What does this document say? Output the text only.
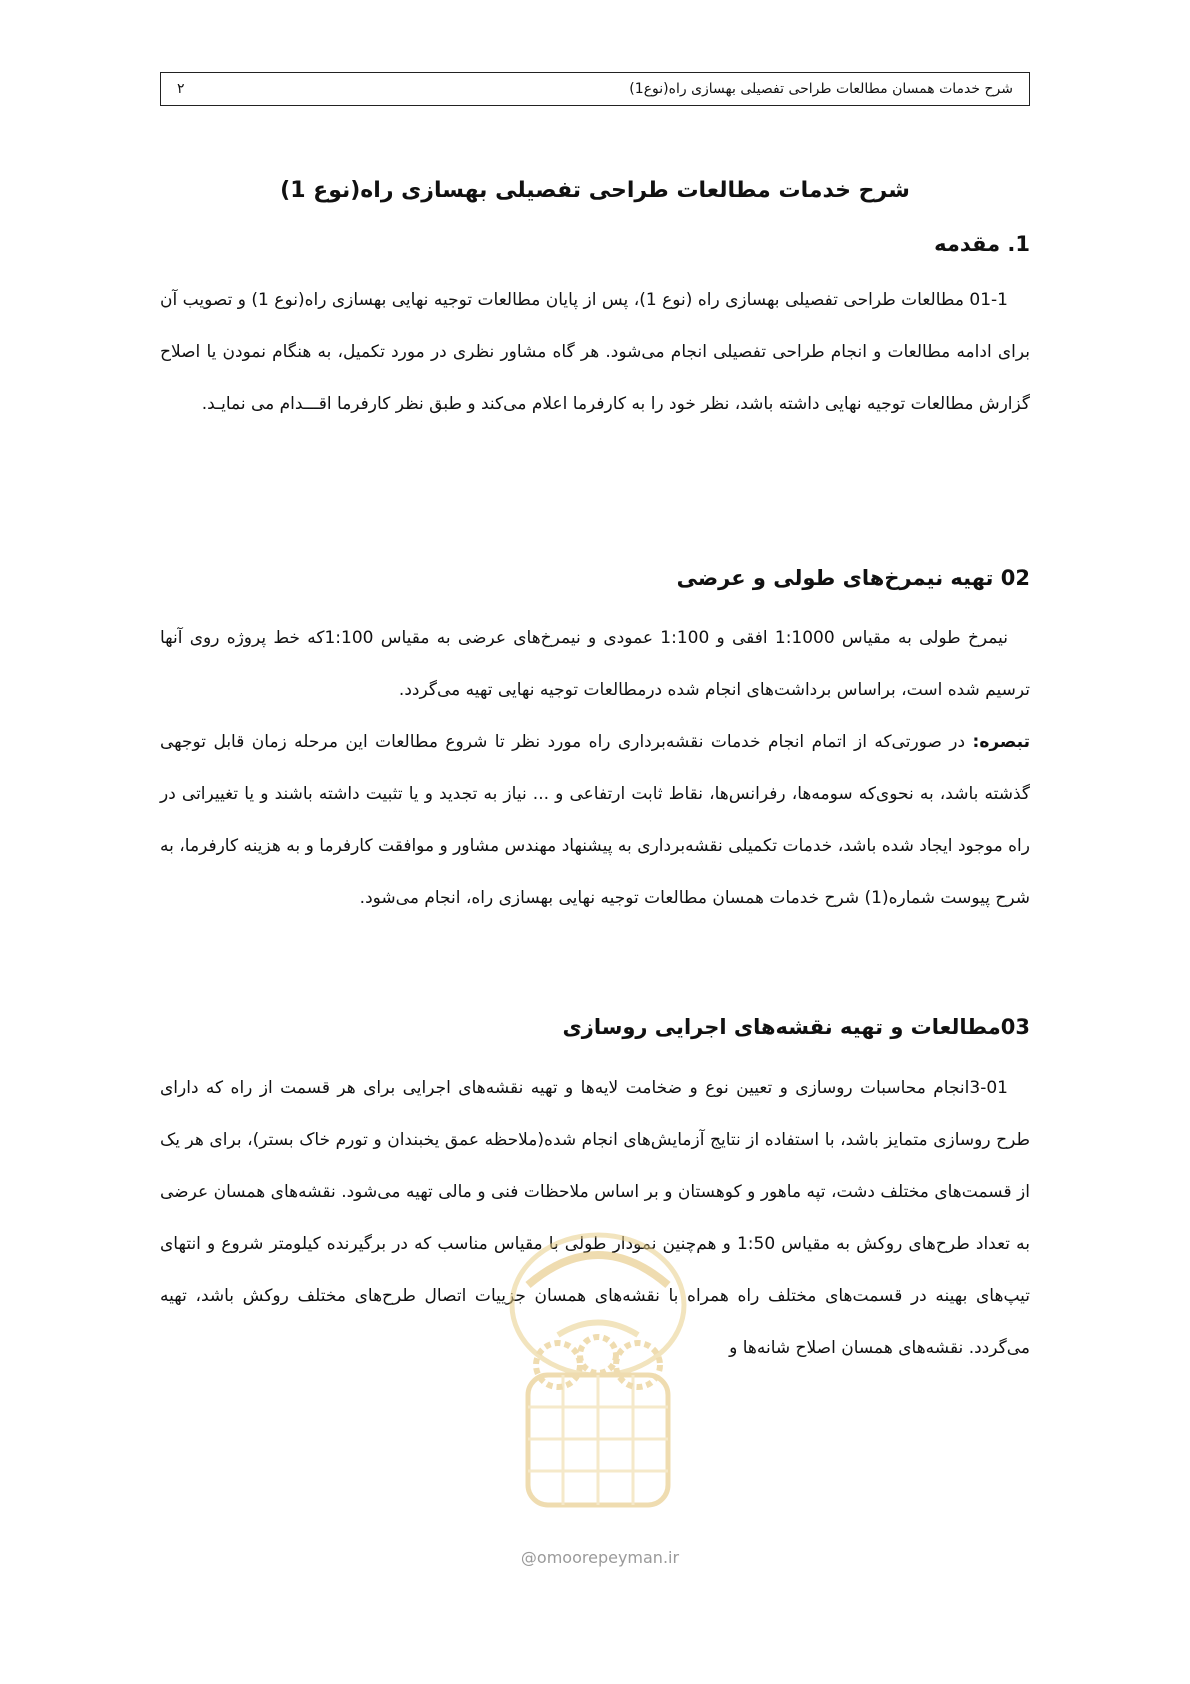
شرح خدمات همسان مطالعات طراحی تفصیلی بهسازی راه(نوع1)
۲
شرح خدمات مطالعات طراحی تفصیلی بهسازی راه(نوع 1)
1. مقدمه

01-1 مطالعات طراحی تفصیلی بهسازی راه (نوع 1)، پس از پایان مطالعات توجیه نهایی بهسازی راه(نوع 1) و تصویب آن برای ادامه مطالعات و انجام طراحی تفصیلی انجام می‌شود. هر گاه مشاور نظری در مورد تکمیل، به هنگام نمودن یا اصلاح گزارش مطالعات توجیه نهایی داشته باشد، نظر خود را به کارفرما اعلام می‌کند و طبق نظر کارفرما اقـــدام می نمایـد.

02 تهیه نیمرخ‌های طولی و عرضی

نیمرخ طولی به مقیاس 1:1000 افقی و 1:100 عمودی و نیمرخ‌های عرضی به مقیاس 1:100که خط پروژه روی آنها ترسیم شده است، براساس برداشت‌های انجام شده درمطالعات توجیه نهایی تهیه می‌گردد.

تبصره: در صورتی‌که از اتمام انجام خدمات نقشه‌برداری راه مورد نظر تا شروع مطالعات این مرحله زمان قابل توجهی گذشته باشد، به نحوی‌که سومه‌ها، رفرانس‌ها، نقاط ثابت ارتفاعی و ... نیاز به تجدید و یا تثبیت داشته باشند و یا تغییراتی در راه موجود ایجاد شده باشد، خدمات تکمیلی نقشه‌برداری به پیشنهاد مهندس مشاور و موافقت کارفرما و به هزینه کارفرما، به شرح پیوست شماره(1) شرح خدمات همسان مطالعات توجیه نهایی بهسازی راه، انجام می‌شود.

03مطالعات و تهیه نقشه‌های اجرایی روسازی

3-01انجام محاسبات روسازی و تعیین نوع و ضخامت لایه‌ها و تهیه نقشه‌های اجرایی برای هر قسمت از راه که دارای طرح روسازی متمایز باشد، با استفاده از نتایج آزمایش‌های انجام شده(ملاحظه عمق یخبندان و تورم خاک بستر)، برای هر یک از قسمت‌های مختلف دشت، تپه ماهور و کوهستان و بر اساس ملاحظات فنی و مالی تهیه می‌شود. نقشه‌های همسان عرضی به تعداد طرح‌های روکش به مقیاس 1:50 و هم‌چنین نمودار طولی با مقیاس مناسب که در برگیرنده کیلومتر شروع و انتهای تیپ‌های بهینه در قسمت‌های مختلف راه همراه با نقشه‌های همسان جزییات اتصال طرح‌های مختلف روکش باشد، تهیه می‌گردد. نقشه‌های همسان اصلاح شانه‌ها و

@omoorepeyman.ir
